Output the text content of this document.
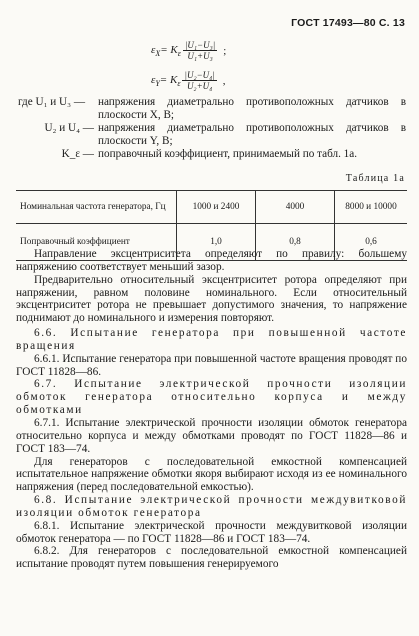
ГОСТ 17493—80 С. 13
$\varepsilon_X = K_\varepsilon \frac{\text{|U₁−U₃|}}{\text{U₁+U₃}}$ ;
$\varepsilon_Y = K_\varepsilon \frac{\text{|U₂−U₄|}}{\text{U₂+U₄}}$ ,
где U₁ и U₃ —	напряжения диаметрально противоположных датчиков в плоскости X, В;
U₂ и U₄ — напряжения диаметрально противоположных датчиков в плоскости Y, В;
K_ε — поправочный коэффициент, принимаемый по табл. 1а.
Таблица 1а
Номинальная частота генератора, Гц	1000 и 2400	4000	8000 и 10000
Поправочный коэффициент	1,0	0,8	0,6

Направление эксцентриситета определяют по правилу: большему напряжению соответствует меньший зазор.

Предварительно относительный эксцентриситет ротора определяют при напряжении, равном половине номинального. Если относительный эксцентриситет ротора не превышает допустимого значения, то напряжение поднимают до номинального и измерения повторяют.

6.6. Испытание генератора при повышенной частоте вращения

6.6.1. Испытание генератора при повышенной частоте вращения проводят по ГОСТ 11828—86.

6.7. Испытание электрической прочности изоляции обмоток генератора относительно корпуса и между обмотками

6.7.1. Испытание электрической прочности изоляции обмоток генератора относительно корпуса и между обмотками проводят по ГОСТ 11828—86 и ГОСТ 183—74.

Для генераторов с последовательной емкостной компенсацией испытательное напряжение обмотки якоря выбирают исходя из ее номинального напряжения (перед последовательной емкостью).

6.8. Испытание электрической прочности междувитковой изоляции обмоток генератора

6.8.1. Испытание электрической прочности междувитковой изоляции обмоток генератора — по ГОСТ 11828—86 и ГОСТ 183—74.

6.8.2. Для генераторов с последовательной емкостной компенсацией испытание проводят путем повышения генерируемого
